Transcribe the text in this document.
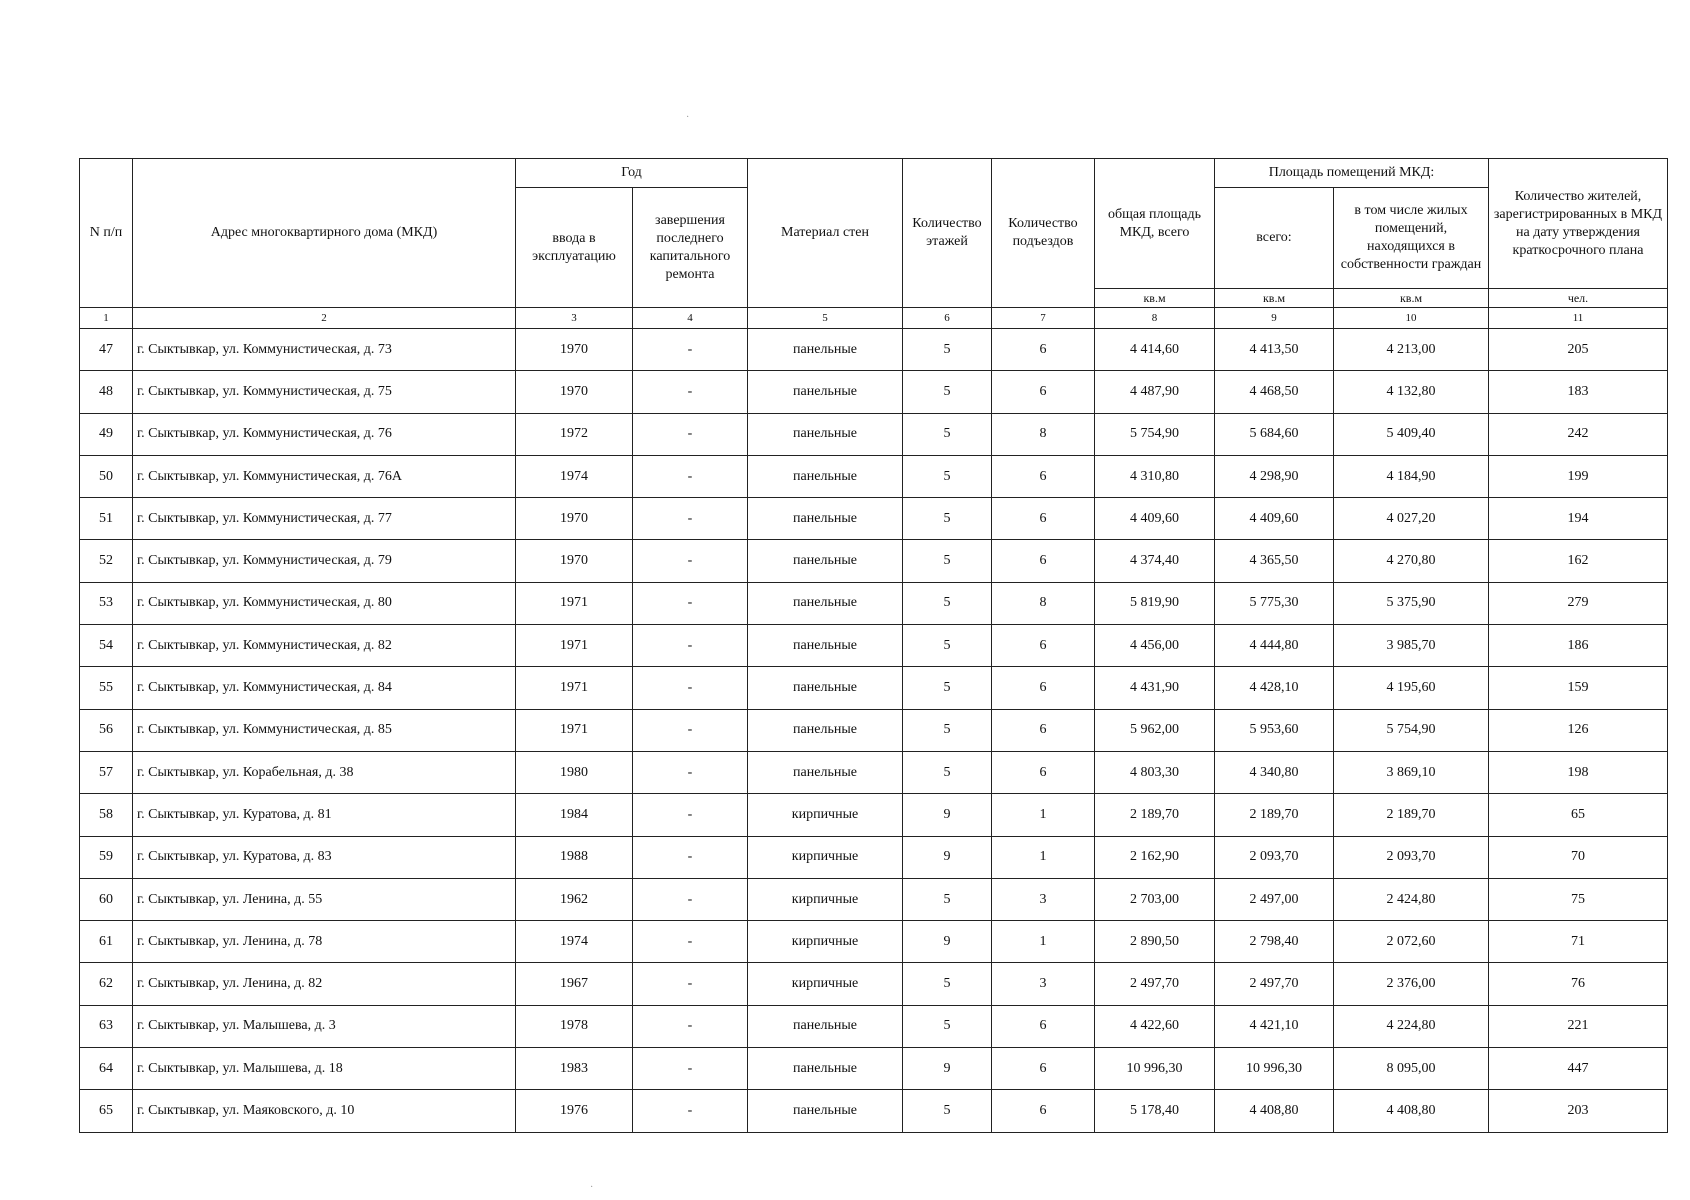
N п/п	Адрес многоквартирного дома (МКД)	Год		Материал стен	Количество этажей	Количество подъездов	общая площадь МКД, всего	Площадь помещений МКД:		Количество жителей, зарегистрированных в МКД на дату утверждения краткосрочного плана
		ввода в эксплуатацию	завершения последнего капитального ремонта					всего:	в том числе жилых помещений, находящихся в собственности граждан	
							кв.м	кв.м	кв.м	чел.
1	2	3	4	5	6	7	8	9	10	11
47	г. Сыктывкар, ул. Коммунистическая, д. 73	1970	-	панельные	5	6	4 414,60	4 413,50	4 213,00	205
48	г. Сыктывкар, ул. Коммунистическая, д. 75	1970	-	панельные	5	6	4 487,90	4 468,50	4 132,80	183
49	г. Сыктывкар, ул. Коммунистическая, д. 76	1972	-	панельные	5	8	5 754,90	5 684,60	5 409,40	242
50	г. Сыктывкар, ул. Коммунистическая, д. 76А	1974	-	панельные	5	6	4 310,80	4 298,90	4 184,90	199
51	г. Сыктывкар, ул. Коммунистическая, д. 77	1970	-	панельные	5	6	4 409,60	4 409,60	4 027,20	194
52	г. Сыктывкар, ул. Коммунистическая, д. 79	1970	-	панельные	5	6	4 374,40	4 365,50	4 270,80	162
53	г. Сыктывкар, ул. Коммунистическая, д. 80	1971	-	панельные	5	8	5 819,90	5 775,30	5 375,90	279
54	г. Сыктывкар, ул. Коммунистическая, д. 82	1971	-	панельные	5	6	4 456,00	4 444,80	3 985,70	186
55	г. Сыктывкар, ул. Коммунистическая, д. 84	1971	-	панельные	5	6	4 431,90	4 428,10	4 195,60	159
56	г. Сыктывкар, ул. Коммунистическая, д. 85	1971	-	панельные	5	6	5 962,00	5 953,60	5 754,90	126
57	г. Сыктывкар, ул. Корабельная, д. 38	1980	-	панельные	5	6	4 803,30	4 340,80	3 869,10	198
58	г. Сыктывкар, ул. Куратова, д. 81	1984	-	кирпичные	9	1	2 189,70	2 189,70	2 189,70	65
59	г. Сыктывкар, ул. Куратова, д. 83	1988	-	кирпичные	9	1	2 162,90	2 093,70	2 093,70	70
60	г. Сыктывкар, ул. Ленина, д. 55	1962	-	кирпичные	5	3	2 703,00	2 497,00	2 424,80	75
61	г. Сыктывкар, ул. Ленина, д. 78	1974	-	кирпичные	9	1	2 890,50	2 798,40	2 072,60	71
62	г. Сыктывкар, ул. Ленина, д. 82	1967	-	кирпичные	5	3	2 497,70	2 497,70	2 376,00	76
63	г. Сыктывкар, ул. Малышева, д. 3	1978	-	панельные	5	6	4 422,60	4 421,10	4 224,80	221
64	г. Сыктывкар, ул. Малышева, д. 18	1983	-	панельные	9	6	10 996,30	10 996,30	8 095,00	447
65	г. Сыктывкар, ул. Маяковского, д. 10	1976	-	панельные	5	6	5 178,40	4 408,80	4 408,80	203
·
·
